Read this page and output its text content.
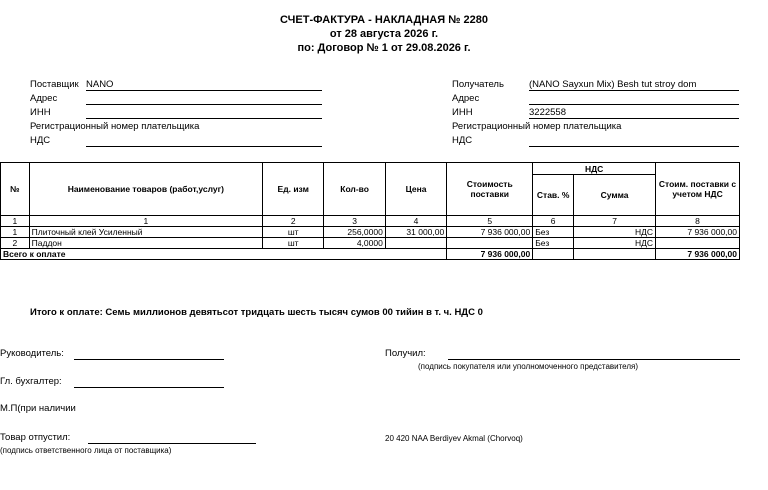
СЧЕТ-ФАКТУРА - НАКЛАДНАЯ № 2280
от 28 августа 2026 г.
по: Договор № 1 от 29.08.2026 г.
Поставщик NANO
Адрес
ИНН
Регистрационный номер плательщика
НДС
Получатель	(NANO Sayxun Mix) Besh tut stroy dom
Адрес
ИНН	3222558
Регистрационный номер плательщика
НДС
№	Наименование товаров (работ,услуг)	Ед. изм	Кол-во	Цена	Стоимость поставки	НДС		Стоим. поставки с учетом НДС
						Став. %	Сумма	
1	1	2	3	4	5	6	7	8
1	Плиточный клей Усиленный	шт	256,0000	31 000,00	7 936 000,00	Без	НДС	7 936 000,00
2	Паддон	шт	4,0000			Без	НДС	
Всего к оплате					7 936 000,00			7 936 000,00
Итого к оплате: Семь миллионов девятьсот тридцать шесть тысяч сумов 00 тийин в т. ч. НДС 0
Руководитель:
Гл. бухгалтер:
М.П(при наличии
Товар отпустил:
(подпись ответственного лица от поставщика)
Получил:
(подпись покупателя или уполномоченного представителя)
20 420 NAA Berdiyev Akmal (Chorvoq)
